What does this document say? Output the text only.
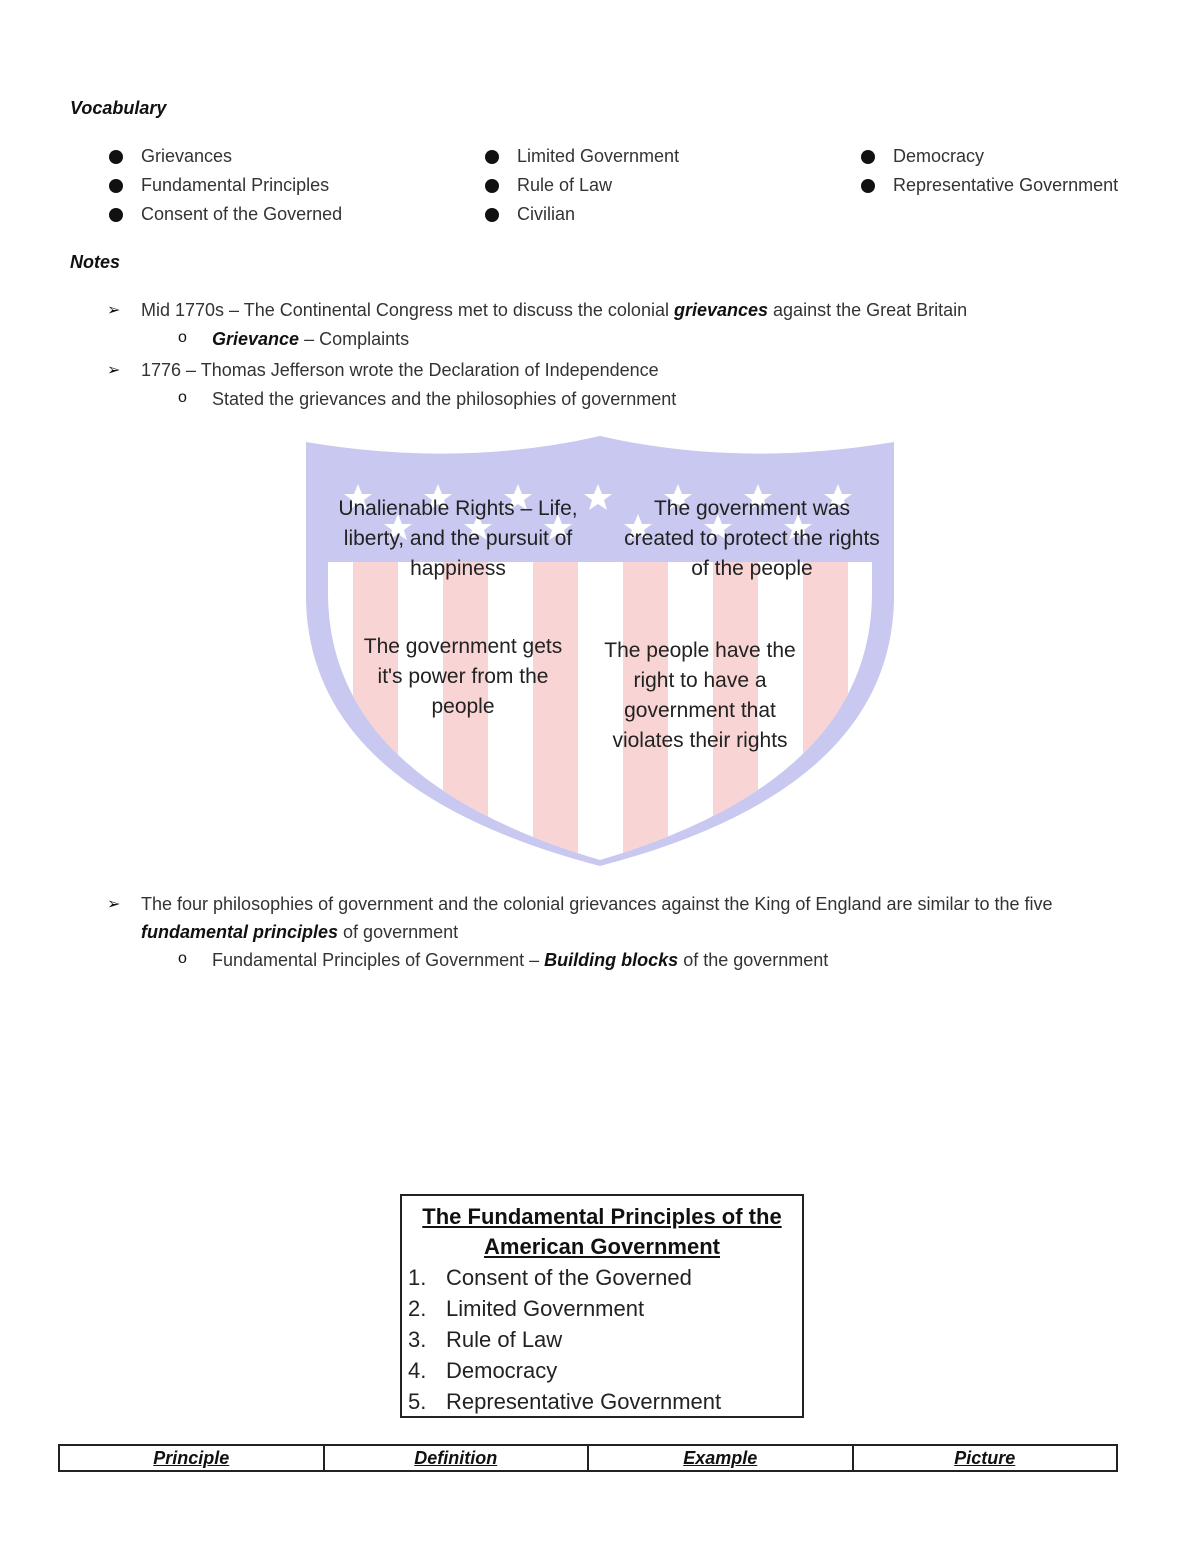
Vocabulary
Grievances
Fundamental Principles
Consent of the Governed
Limited Government
Rule of Law
Civilian
Democracy
Representative Government
Notes
➢ Mid 1770s – The Continental Congress met to discuss the colonial grievances against the Great Britain
o Grievance – Complaints
➢ 1776 – Thomas Jefferson wrote the Declaration of Independence
o Stated the grievances and the philosophies of government
Unalienable Rights – Life, liberty, and the pursuit of happiness
The government was created to protect the rights of the people
The government gets it's power from the people
The people have the right to have a government that violates their rights
➢ The four philosophies of government and the colonial grievances against the King of England are similar to the five
fundamental principles of government
o Fundamental Principles of Government – Building blocks of the government
The Fundamental Principles of the American Government
1. Consent of the Governed
2. Limited Government
3. Rule of Law
4. Democracy
5. Representative Government
Principle	Definition	Example	Picture
